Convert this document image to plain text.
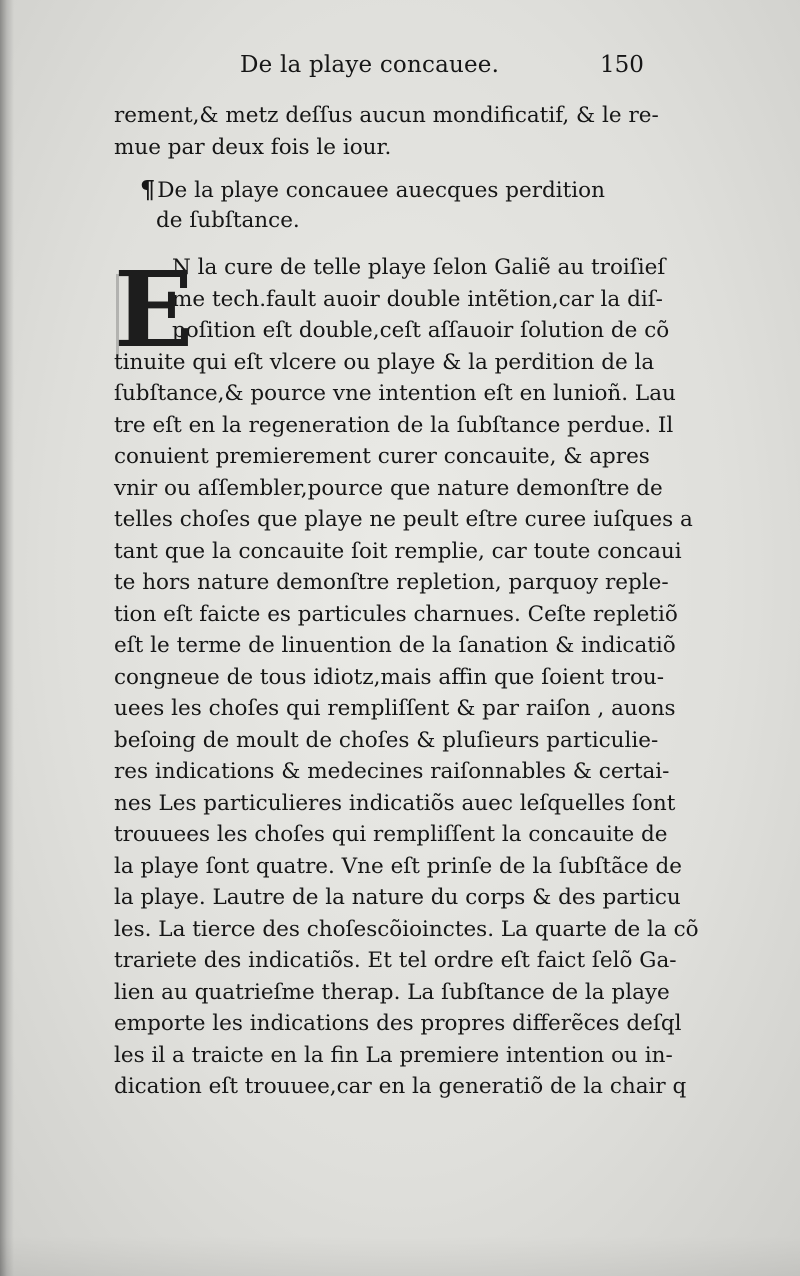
De la playe concauee.	150
rement,& metz deſſus aucun mondificatif, & le re-
mue par deux fois le iour.
¶De la playe concauee auecques perdition
de ſubſtance.
N la cure de telle playe ſelon Galiẽ au troiſieſ
me tech.fault auoir double intẽtion,car la diſ-
poſition eſt double,ceſt aſſauoir ſolution de cõ
tinuite qui eſt vlcere ou playe & la perdition de la
ſubſtance,& pource vne intention eſt en lunioñ. Lau
tre eſt en la regeneration de la ſubſtance perdue. Il
conuient premierement curer concauite, & apres
vnir ou aſſembler,pource que nature demonſtre de
telles choſes que playe ne peult eſtre curee iuſques a
tant que la concauite ſoit remplie, car toute concaui
te hors nature demonſtre repletion, parquoy reple-
tion eſt faicte es particules charnues. Ceſte repletiõ
eſt le terme de linuention de la ſanation & indicatiõ
congneue de tous idiotz,mais affin que ſoient trou-
uees les choſes qui rempliſſent & par raiſon , auons
beſoing de moult de choſes & pluſieurs particulie-
res indications & medecines raiſonnables & certai-
nes Les particulieres indicatiõs auec leſquelles ſont
trouuees les choſes qui rempliſſent la concauite de
la playe ſont quatre. Vne eſt prinſe de la ſubſtãce de
la playe. Lautre de la nature du corps & des particu
les. La tierce des choſescõioinctes. La quarte de la cõ
trariete des indicatiõs. Et tel ordre eſt faict ſelõ Ga-
lien au quatrieſme therap. La ſubſtance de la playe
emporte les indications des propres differẽces deſql
les il a traicte en la fin La premiere intention ou in-
dication eſt trouuee,car en la generatiõ de la chair q
E
